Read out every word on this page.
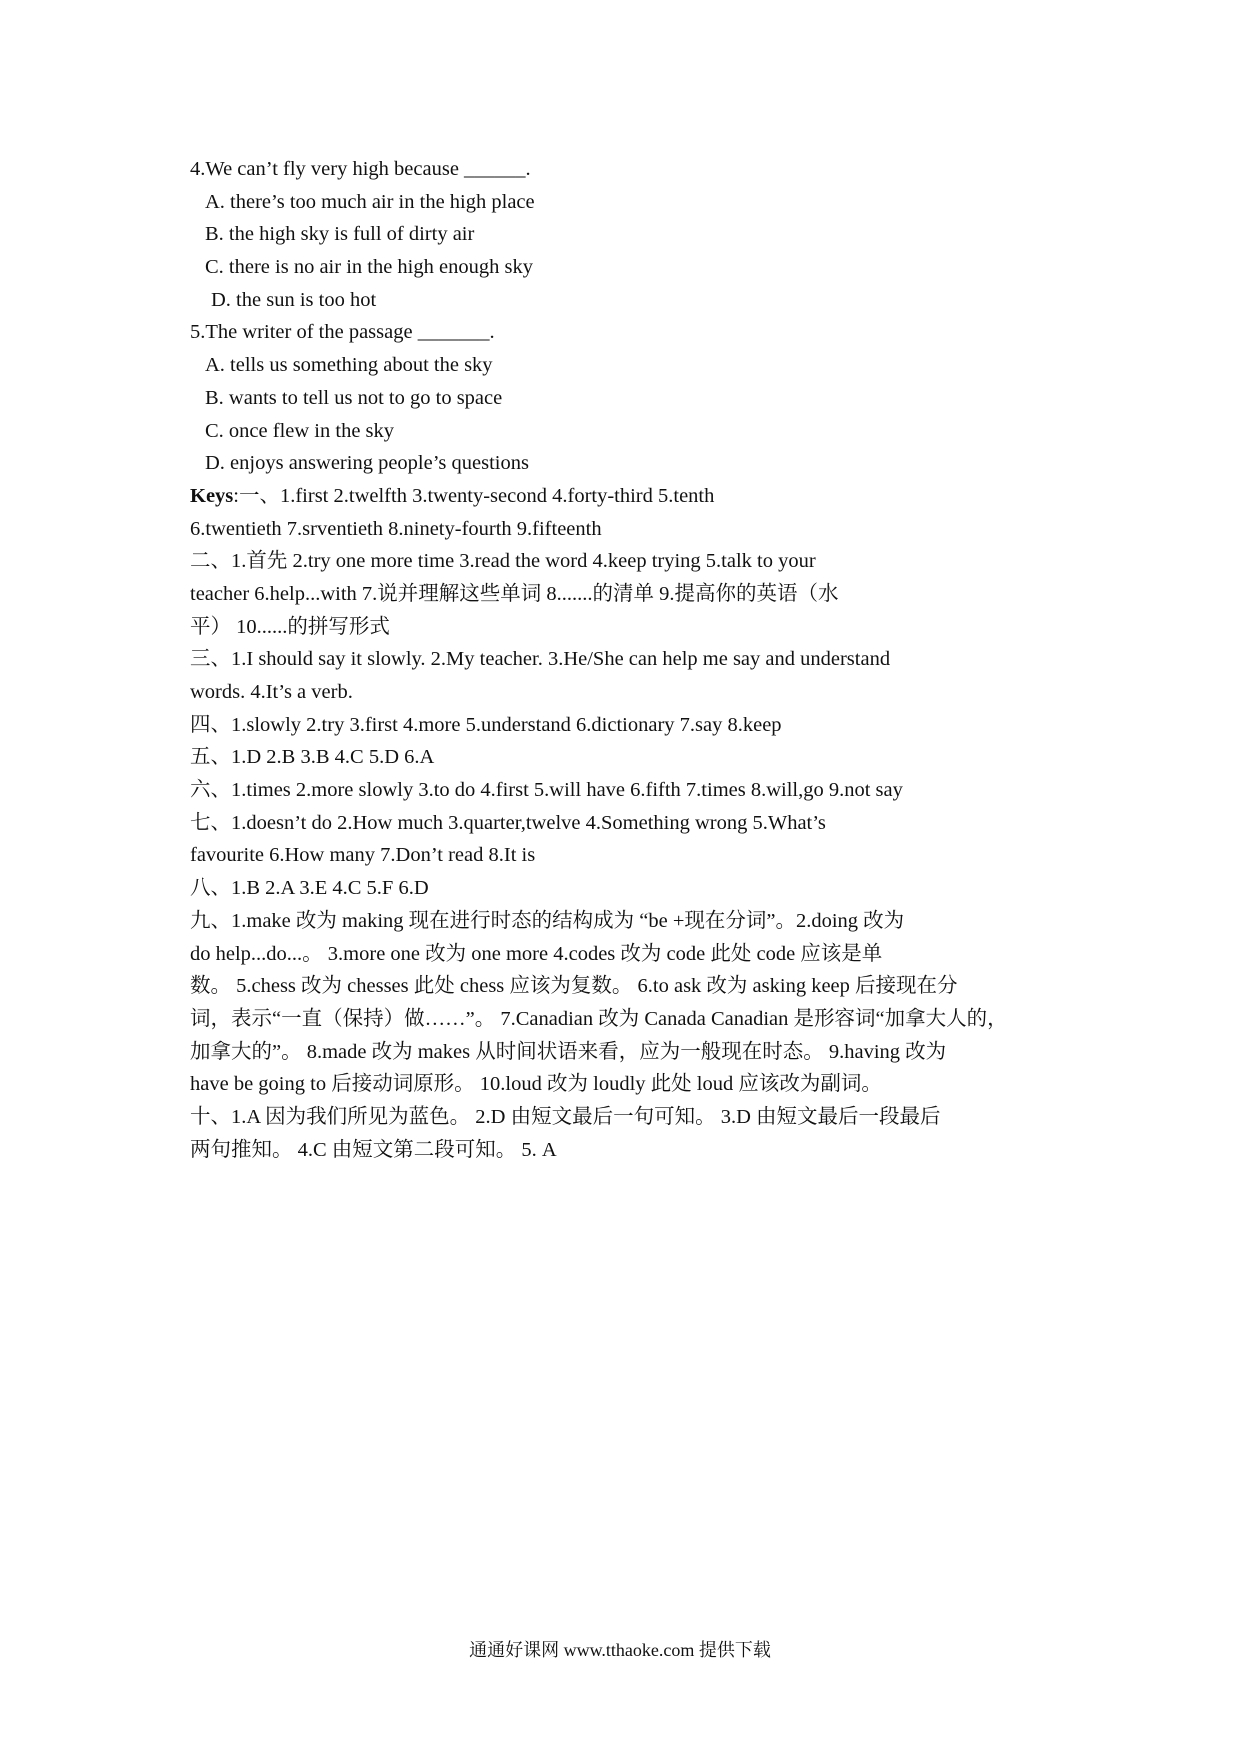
4.We can’t fly very high because ______.
A. there’s too much air in the high place
B. the high sky is full of dirty air
C. there is no air in the high enough sky
D. the sun is too hot
5.The writer of the passage _______.
A. tells us something about the sky
B. wants to tell us not to go to space
C. once flew in the sky
D. enjoys answering people’s questions
Keys:一、1.first 2.twelfth 3.twenty-second 4.forty-third 5.tenth
6.twentieth 7.srventieth 8.ninety-fourth 9.fifteenth
二、1.首先 2.try one more time 3.read the word 4.keep trying 5.talk to your
teacher 6.help...with 7.说并理解这些单词 8.......的清单 9.提高你的英语（水
平） 10......的拼写形式
三、1.I should say it slowly. 2.My teacher. 3.He/She can help me say and understand
words. 4.It’s a verb.
四、1.slowly 2.try 3.first 4.more 5.understand 6.dictionary 7.say 8.keep
五、1.D 2.B 3.B 4.C 5.D 6.A
六、1.times 2.more slowly 3.to do 4.first 5.will have 6.fifth 7.times 8.will,go 9.not say
七、1.doesn’t do 2.How much 3.quarter,twelve 4.Something wrong 5.What’s
favourite 6.How many 7.Don’t read 8.It is
八、1.B 2.A 3.E 4.C 5.F 6.D
九、1.make 改为 making 现在进行时态的结构成为 “be +现在分词”。2.doing 改为
do help...do...。 3.more one 改为 one more 4.codes 改为 code 此处 code 应该是单
数。 5.chess 改为 chesses 此处 chess 应该为复数。 6.to ask 改为 asking keep 后接现在分
词，表示“一直（保持）做……”。 7.Canadian 改为 Canada Canadian 是形容词“加拿大人的，
加拿大的”。 8.made 改为 makes 从时间状语来看，应为一般现在时态。 9.having 改为
have be going to 后接动词原形。 10.loud 改为 loudly 此处 loud 应该改为副词。
十、1.A 因为我们所见为蓝色。 2.D 由短文最后一句可知。 3.D 由短文最后一段最后
两句推知。 4.C 由短文第二段可知。 5. A
通通好课网 www.tthaoke.com 提供下载
